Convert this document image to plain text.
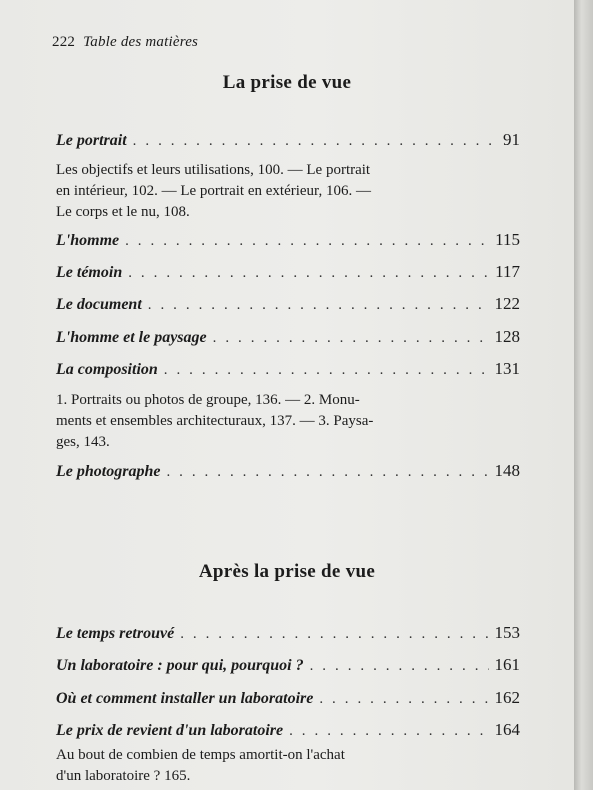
222 Table des matières
La prise de vue
Le portrait . . .	91
Les objectifs et leurs utilisations, 100. — Le portrait
en intérieur, 102. — Le portrait en extérieur, 106. —
Le corps et le nu, 108.
L'homme . . .	115
Le témoin . . .	117
Le document . . .	122
L'homme et le paysage . . .	128
La composition . . .	131
1. Portraits ou photos de groupe, 136. — 2. Monu-
ments et ensembles architecturaux, 137. — 3. Paysa-
ges, 143.
Le photographe . . .	148
Après la prise de vue
Le temps retrouvé . . .	153
Un laboratoire : pour qui, pourquoi ? . . .	161
Où et comment installer un laboratoire . . .	162
Le prix de revient d'un laboratoire . . .	164
Au bout de combien de temps amortit-on l'achat
d'un laboratoire ? 165.
